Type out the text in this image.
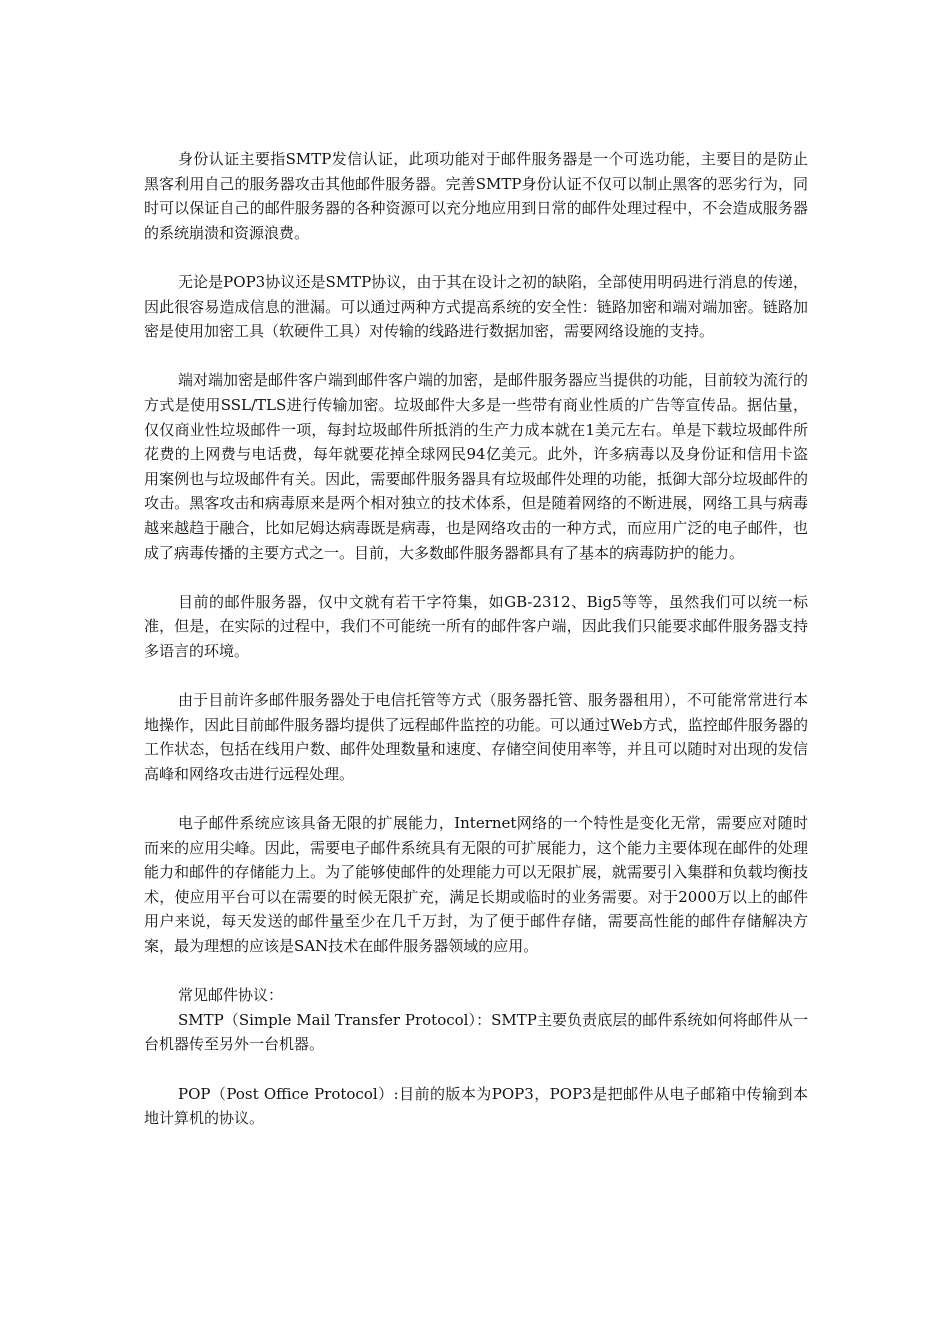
身份认证主要指SMTP发信认证，此项功能对于邮件服务器是一个可选功能，主要目的是防止黑客利用自己的服务器攻击其他邮件服务器。完善SMTP身份认证不仅可以制止黑客的恶劣行为，同时可以保证自己的邮件服务器的各种资源可以充分地应用到日常的邮件处理过程中，不会造成服务器的系统崩溃和资源浪费。

无论是POP3协议还是SMTP协议，由于其在设计之初的缺陷，全部使用明码进行消息的传递，因此很容易造成信息的泄漏。可以通过两种方式提高系统的安全性：链路加密和端对端加密。链路加密是使用加密工具（软硬件工具）对传输的线路进行数据加密，需要网络设施的支持。

端对端加密是邮件客户端到邮件客户端的加密，是邮件服务器应当提供的功能，目前较为流行的方式是使用SSL/TLS进行传输加密。垃圾邮件大多是一些带有商业性质的广告等宣传品。据估量，仅仅商业性垃圾邮件一项，每封垃圾邮件所抵消的生产力成本就在1美元左右。单是下载垃圾邮件所花费的上网费与电话费，每年就要花掉全球网民94亿美元。此外，许多病毒以及身份证和信用卡盗用案例也与垃圾邮件有关。因此，需要邮件服务器具有垃圾邮件处理的功能，抵御大部分垃圾邮件的攻击。黑客攻击和病毒原来是两个相对独立的技术体系，但是随着网络的不断进展，网络工具与病毒越来越趋于融合，比如尼姆达病毒既是病毒，也是网络攻击的一种方式，而应用广泛的电子邮件，也成了病毒传播的主要方式之一。目前，大多数邮件服务器都具有了基本的病毒防护的能力。

目前的邮件服务器，仅中文就有若干字符集，如GB-2312、Big5等等，虽然我们可以统一标准，但是，在实际的过程中，我们不可能统一所有的邮件客户端，因此我们只能要求邮件服务器支持多语言的环境。

由于目前许多邮件服务器处于电信托管等方式（服务器托管、服务器租用），不可能常常进行本地操作，因此目前邮件服务器均提供了远程邮件监控的功能。可以通过Web方式，监控邮件服务器的工作状态，包括在线用户数、邮件处理数量和速度、存储空间使用率等，并且可以随时对出现的发信高峰和网络攻击进行远程处理。

电子邮件系统应该具备无限的扩展能力，Internet网络的一个特性是变化无常，需要应对随时而来的应用尖峰。因此，需要电子邮件系统具有无限的可扩展能力，这个能力主要体现在邮件的处理能力和邮件的存储能力上。为了能够使邮件的处理能力可以无限扩展，就需要引入集群和负载均衡技术，使应用平台可以在需要的时候无限扩充，满足长期或临时的业务需要。对于2000万以上的邮件用户来说，每天发送的邮件量至少在几千万封，为了便于邮件存储，需要高性能的邮件存储解决方案，最为理想的应该是SAN技术在邮件服务器领域的应用。

常见邮件协议：

SMTP（Simple Mail Transfer Protocol）：SMTP主要负责底层的邮件系统如何将邮件从一台机器传至另外一台机器。

POP（Post Office Protocol）:目前的版本为POP3，POP3是把邮件从电子邮箱中传输到本地计算机的协议。
